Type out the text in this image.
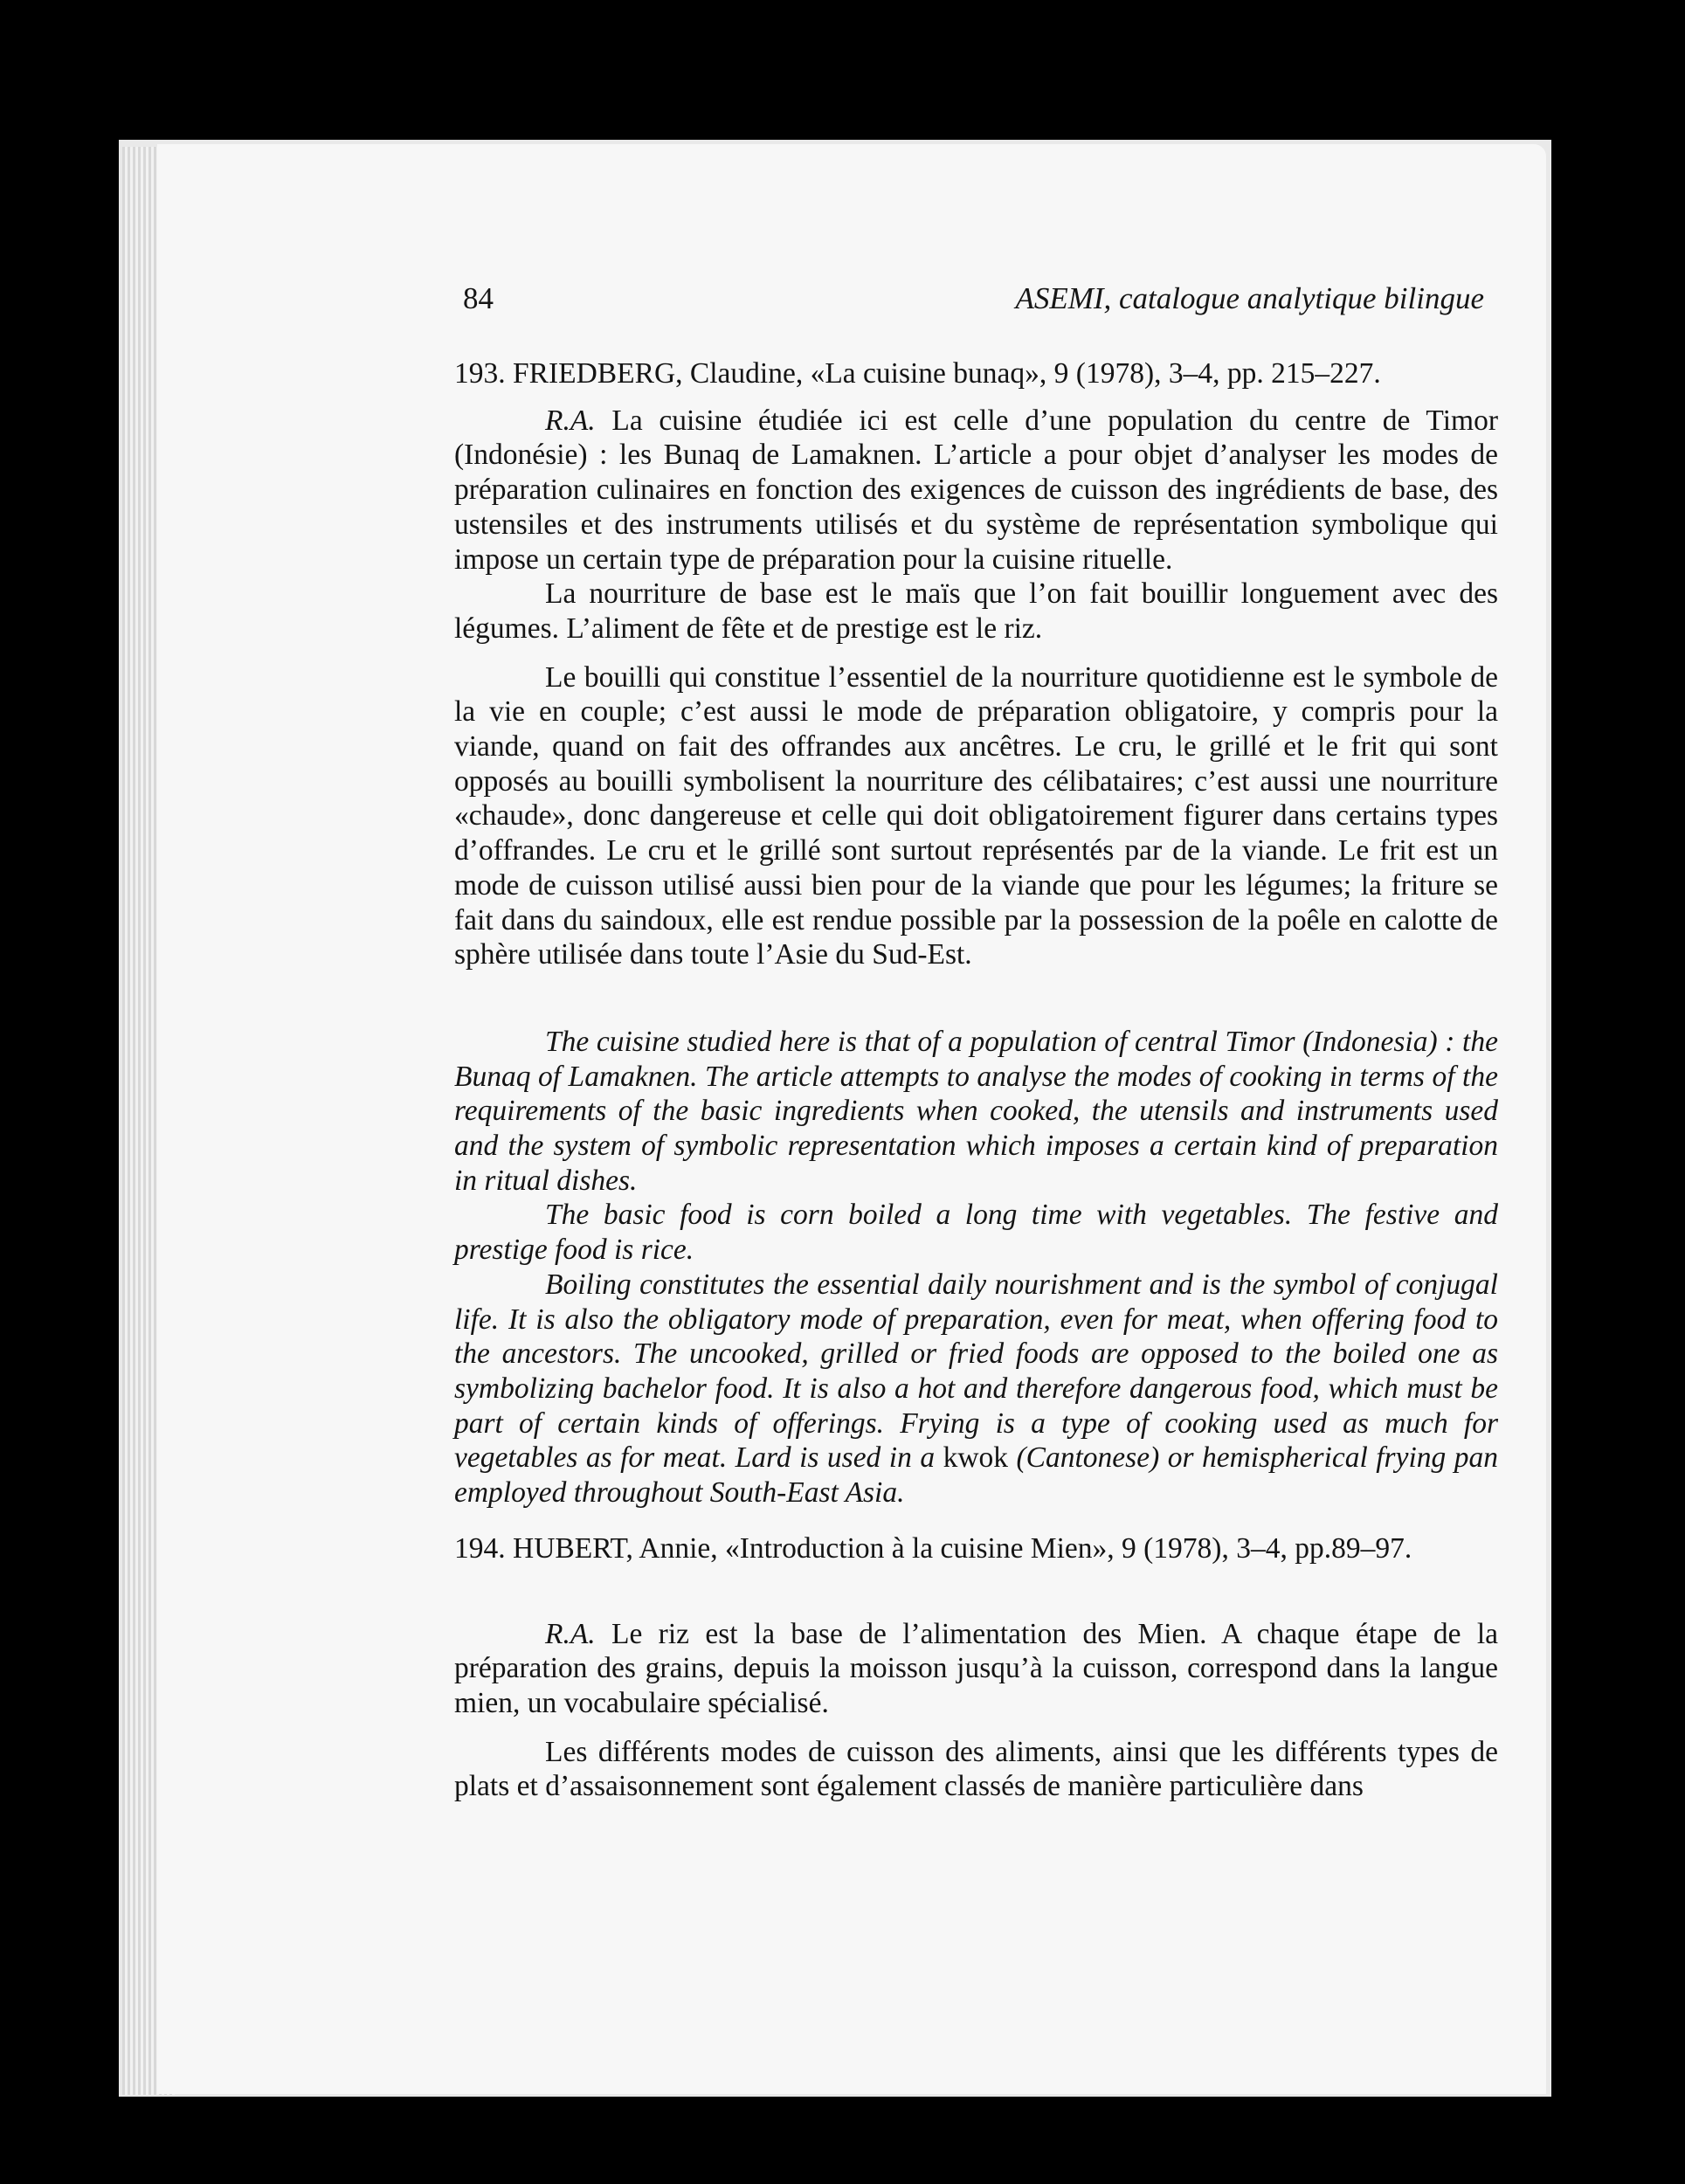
84	ASEMI, catalogue analytique bilingue

193. FRIEDBERG, Claudine, «La cuisine bunaq», 9 (1978), 3–4, pp. 215–227.

R.A. La cuisine étudiée ici est celle d’une population du centre de Timor (Indonésie) : les Bunaq de Lamaknen. L’article a pour objet d’analyser les modes de préparation culinaires en fonction des exigences de cuisson des ingrédients de base, des ustensiles et des instruments utilisés et du système de représentation symbolique qui impose un certain type de préparation pour la cuisine rituelle.

La nourriture de base est le maïs que l’on fait bouillir longuement avec des légumes. L’aliment de fête et de prestige est le riz.

Le bouilli qui constitue l’essentiel de la nourriture quotidienne est le symbole de la vie en couple; c’est aussi le mode de préparation obligatoire, y compris pour la viande, quand on fait des offrandes aux ancêtres. Le cru, le grillé et le frit qui sont opposés au bouilli symbolisent la nourriture des célibataires; c’est aussi une nourriture «chaude», donc dangereuse et celle qui doit obligatoirement figurer dans certains types d’offrandes. Le cru et le grillé sont surtout représentés par de la viande. Le frit est un mode de cuisson utilisé aussi bien pour de la viande que pour les légumes; la friture se fait dans du saindoux, elle est rendue possible par la possession de la poêle en calotte de sphère utilisée dans toute l’Asie du Sud-Est.

The cuisine studied here is that of a population of central Timor (Indonesia) : the Bunaq of Lamaknen. The article attempts to analyse the modes of cooking in terms of the requirements of the basic ingredients when cooked, the utensils and instruments used and the system of symbolic representation which imposes a certain kind of preparation in ritual dishes.

The basic food is corn boiled a long time with vegetables. The festive and prestige food is rice.

Boiling constitutes the essential daily nourishment and is the symbol of conjugal life. It is also the obligatory mode of preparation, even for meat, when offering food to the ancestors. The uncooked, grilled or fried foods are opposed to the boiled one as symbolizing bachelor food. It is also a hot and therefore dangerous food, which must be part of certain kinds of offerings. Frying is a type of cooking used as much for vegetables as for meat. Lard is used in a kwok (Cantonese) or hemispherical frying pan employed throughout South-East Asia.

194. HUBERT, Annie, «Introduction à la cuisine Mien», 9 (1978), 3–4, pp.89–97.

R.A. Le riz est la base de l’alimentation des Mien. A chaque étape de la préparation des grains, depuis la moisson jusqu’à la cuisson, correspond dans la langue mien, un vocabulaire spécialisé.

Les différents modes de cuisson des aliments, ainsi que les différents types de plats et d’assaisonnement sont également classés de manière particulière dans
